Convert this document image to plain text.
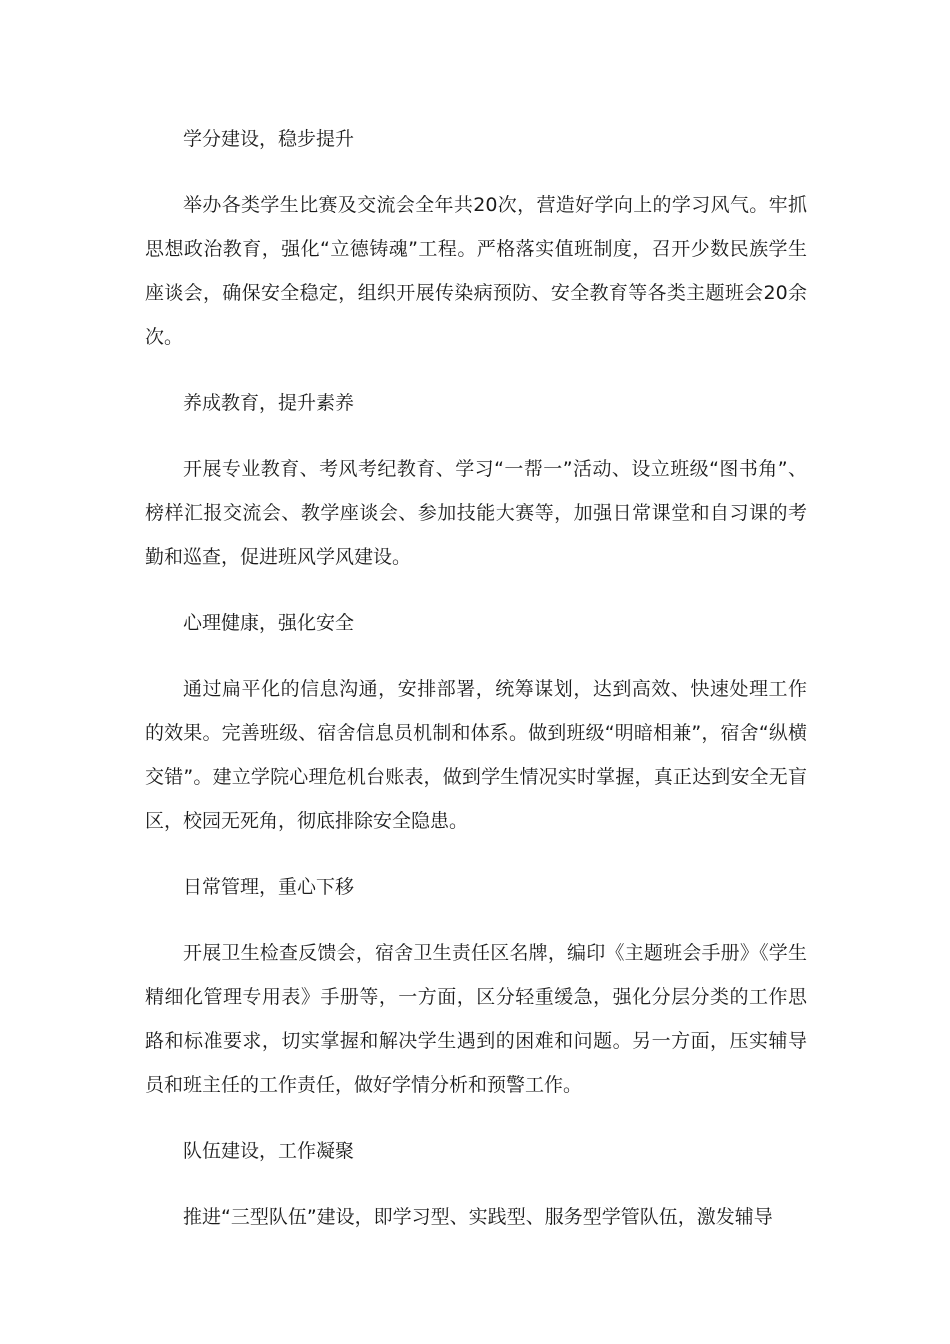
学分建设，稳步提升

举办各类学生比赛及交流会全年共20次，营造好学向上的学习风气。牢抓思想政治教育，强化“立德铸魂”工程。严格落实值班制度，召开少数民族学生座谈会，确保安全稳定，组织开展传染病预防、安全教育等各类主题班会20余次。

养成教育，提升素养

开展专业教育、考风考纪教育、学习“一帮一”活动、设立班级“图书角”、榜样汇报交流会、教学座谈会、参加技能大赛等，加强日常课堂和自习课的考勤和巡查，促进班风学风建设。

心理健康，强化安全

通过扁平化的信息沟通，安排部署，统筹谋划，达到高效、快速处理工作的效果。完善班级、宿舍信息员机制和体系。做到班级“明暗相兼”，宿舍“纵横交错”。建立学院心理危机台账表，做到学生情况实时掌握，真正达到安全无盲区，校园无死角，彻底排除安全隐患。

日常管理，重心下移

开展卫生检查反馈会，宿舍卫生责任区名牌，编印《主题班会手册》《学生精细化管理专用表》手册等，一方面，区分轻重缓急，强化分层分类的工作思路和标准要求，切实掌握和解决学生遇到的困难和问题。另一方面，压实辅导员和班主任的工作责任，做好学情分析和预警工作。

队伍建设，工作凝聚

推进“三型队伍”建设，即学习型、实践型、服务型学管队伍，激发辅导
